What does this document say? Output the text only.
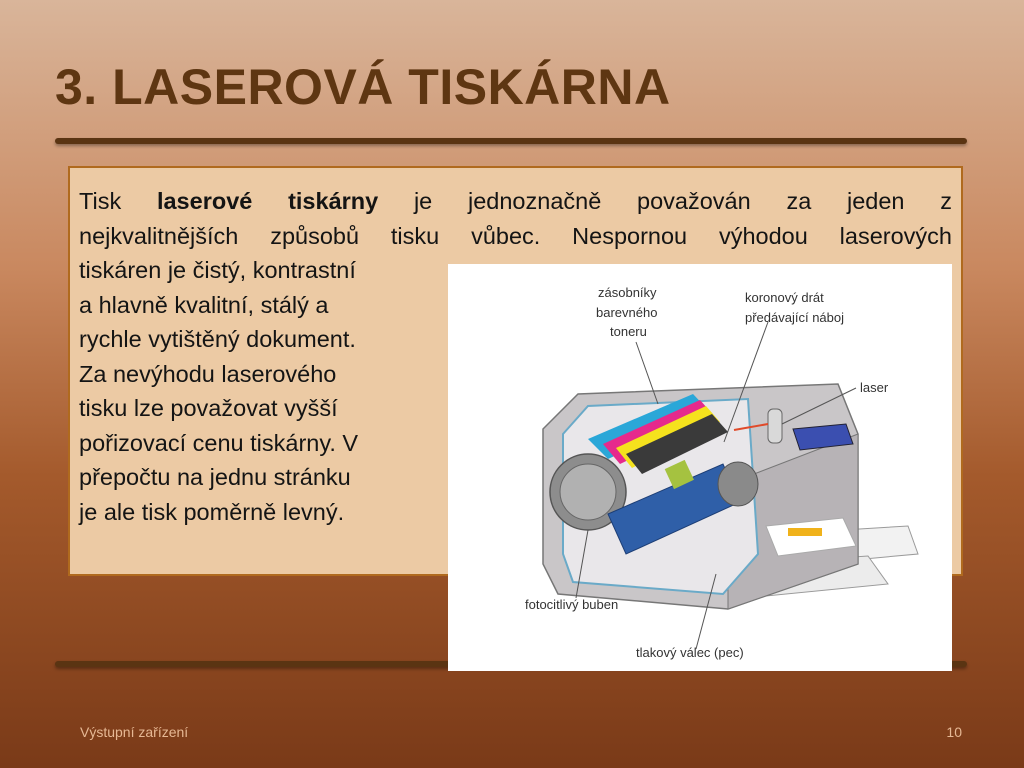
3. LASEROVÁ TISKÁRNA
Tisk laserové tiskárny je jednoznačně považován za jeden z
nejkvalitnějších způsobů tisku vůbec. Nespornou výhodou laserových
tiskáren je čistý, kontrastní
a hlavně kvalitní, stálý a
rychle vytištěný dokument.
Za nevýhodu laserového
tisku lze považovat vyšší
pořizovací cenu tiskárny. V
přepočtu na jednu stránku
je ale tisk poměrně levný.
zásobníky
barevného
toneru
koronový drát
předávající náboj
laser
fotocitlivý buben
tlakový válec (pec)
Výstupní zařízení	10
